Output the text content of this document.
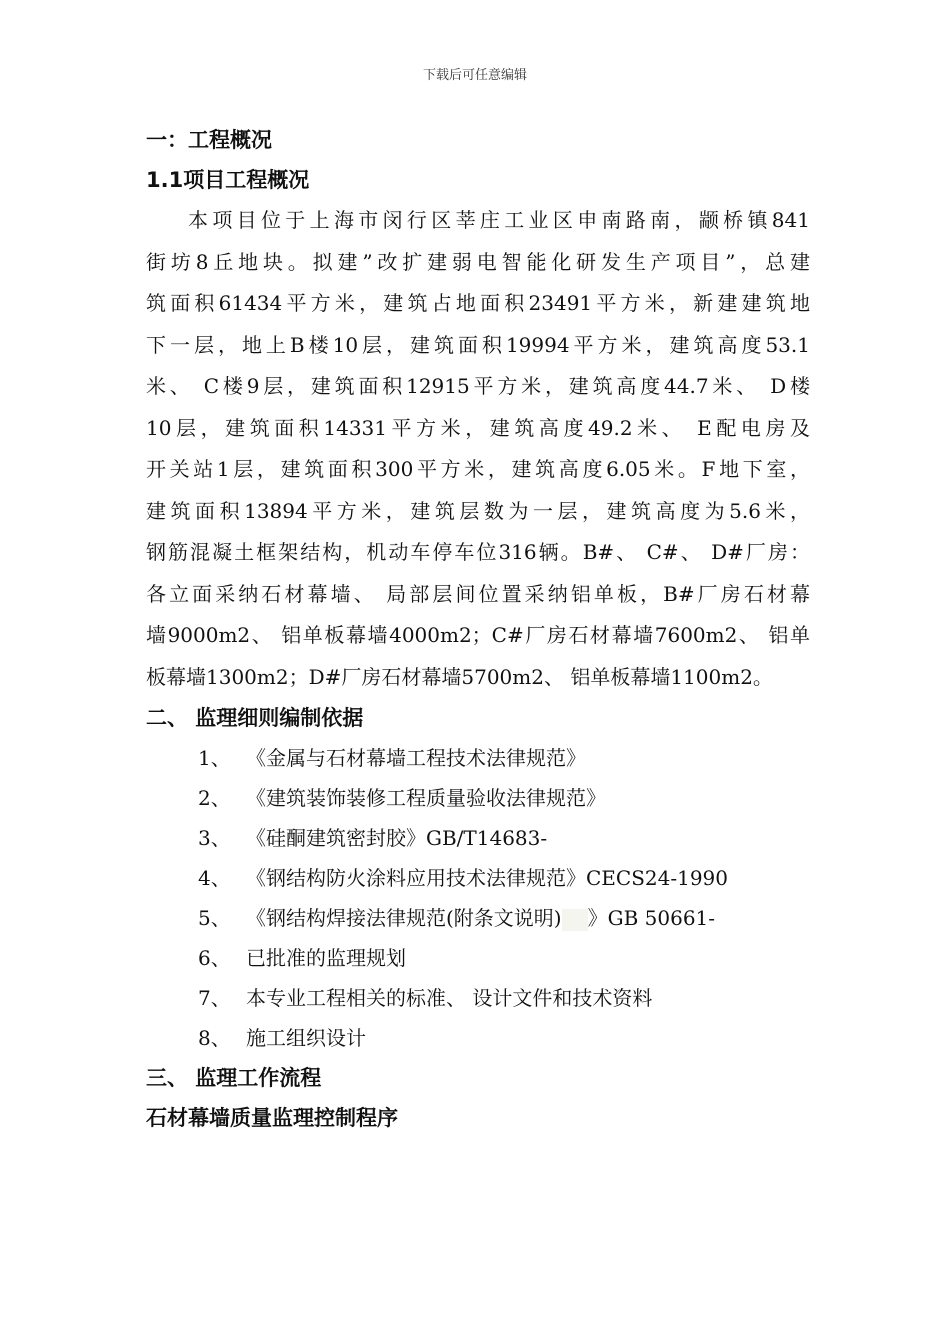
下载后可任意编辑
一：工程概况
1.1项目工程概况
本项目位于上海市闵行区莘庄工业区申南路南，颛桥镇841
街坊8丘地块。拟建”改扩建弱电智能化研发生产项目”，总建
筑面积61434平方米，建筑占地面积23491平方米，新建建筑地
下一层，地上B楼10层，建筑面积19994平方米，建筑高度53.1
米、 C楼9层，建筑面积12915平方米，建筑高度44.7米、 D楼
10层，建筑面积14331平方米，建筑高度49.2米、 E配电房及
开关站1层，建筑面积300平方米，建筑高度6.05米。F地下室，
建筑面积13894平方米，建筑层数为一层，建筑高度为5.6米，
钢筋混凝土框架结构，机动车停车位316辆。B#、 C#、 D#厂房：
各立面采纳石材幕墙、 局部层间位置采纳铝单板，B#厂房石材幕
墙9000m2、 铝单板幕墙4000m2；C#厂房石材幕墙7600m2、 铝单
板幕墙1300m2；D#厂房石材幕墙5700m2、 铝单板幕墙1100m2。
二、 监理细则编制依据
1、 《金属与石材幕墙工程技术法律规范》
2、 《建筑装饰装修工程质量验收法律规范》
3、 《硅酮建筑密封胶》GB/T14683-
4、 《钢结构防火涂料应用技术法律规范》CECS24-1990
5、 《钢结构焊接法律规范(附条文说明) 》GB 50661-
6、 已批准的监理规划
7、 本专业工程相关的标准、 设计文件和技术资料
8、 施工组织设计
三、 监理工作流程
石材幕墙质量监理控制程序
